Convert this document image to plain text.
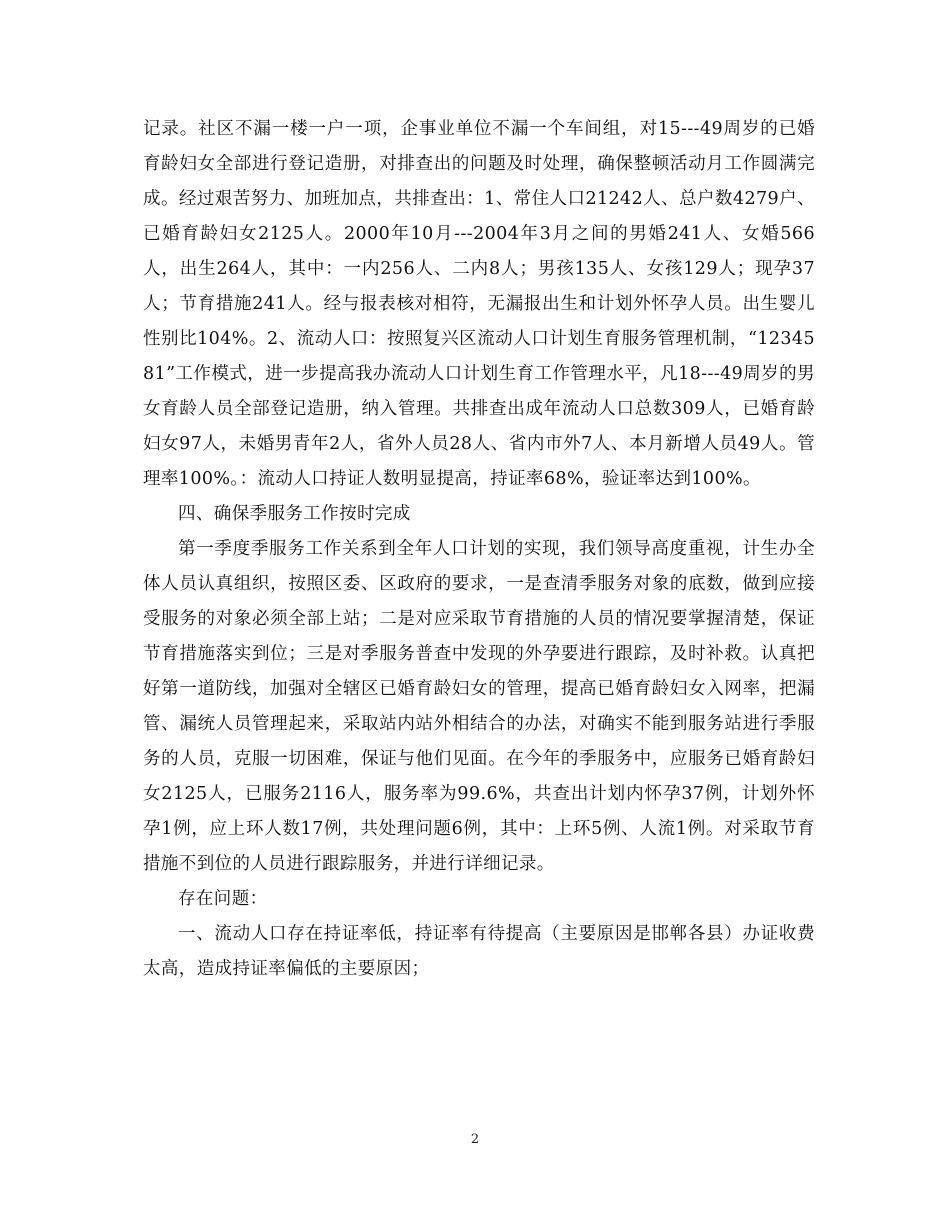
记录。社区不漏一楼一户一项，企事业单位不漏一个车间组，对15---49周岁的已婚育龄妇女全部进行登记造册，对排查出的问题及时处理，确保整顿活动月工作圆满完成。经过艰苦努力、加班加点，共排查出：1、常住人口21242人、总户数4279户、已婚育龄妇女2125人。2000年10月---2004年3月之间的男婚241人、女婚566人，出生264人，其中：一内256人、二内8人；男孩135人、女孩129人；现孕37人；节育措施241人。经与报表核对相符，无漏报出生和计划外怀孕人员。出生婴儿性别比104%。2、流动人口：按照复兴区流动人口计划生育服务管理机制，“1234581”工作模式，进一步提高我办流动人口计划生育工作管理水平，凡18---49周岁的男女育龄人员全部登记造册，纳入管理。共排查出成年流动人口总数309人，已婚育龄妇女97人，未婚男青年2人，省外人员28人、省内市外7人、本月新增人员49人。管理率100%。：流动人口持证人数明显提高，持证率68%，验证率达到100%。

四、确保季服务工作按时完成

第一季度季服务工作关系到全年人口计划的实现，我们领导高度重视，计生办全体人员认真组织，按照区委、区政府的要求，一是查清季服务对象的底数，做到应接受服务的对象必须全部上站；二是对应采取节育措施的人员的情况要掌握清楚，保证节育措施落实到位；三是对季服务普查中发现的外孕要进行跟踪，及时补救。认真把好第一道防线，加强对全辖区已婚育龄妇女的管理，提高已婚育龄妇女入网率，把漏管、漏统人员管理起来，采取站内站外相结合的办法，对确实不能到服务站进行季服务的人员，克服一切困难，保证与他们见面。在今年的季服务中，应服务已婚育龄妇女2125人，已服务2116人，服务率为99.6%，共查出计划内怀孕37例，计划外怀孕1例，应上环人数17例，共处理问题6例，其中：上环5例、人流1例。对采取节育措施不到位的人员进行跟踪服务，并进行详细记录。

存在问题：

一、流动人口存在持证率低，持证率有待提高（主要原因是邯郸各县）办证收费太高，造成持证率偏低的主要原因；

2
